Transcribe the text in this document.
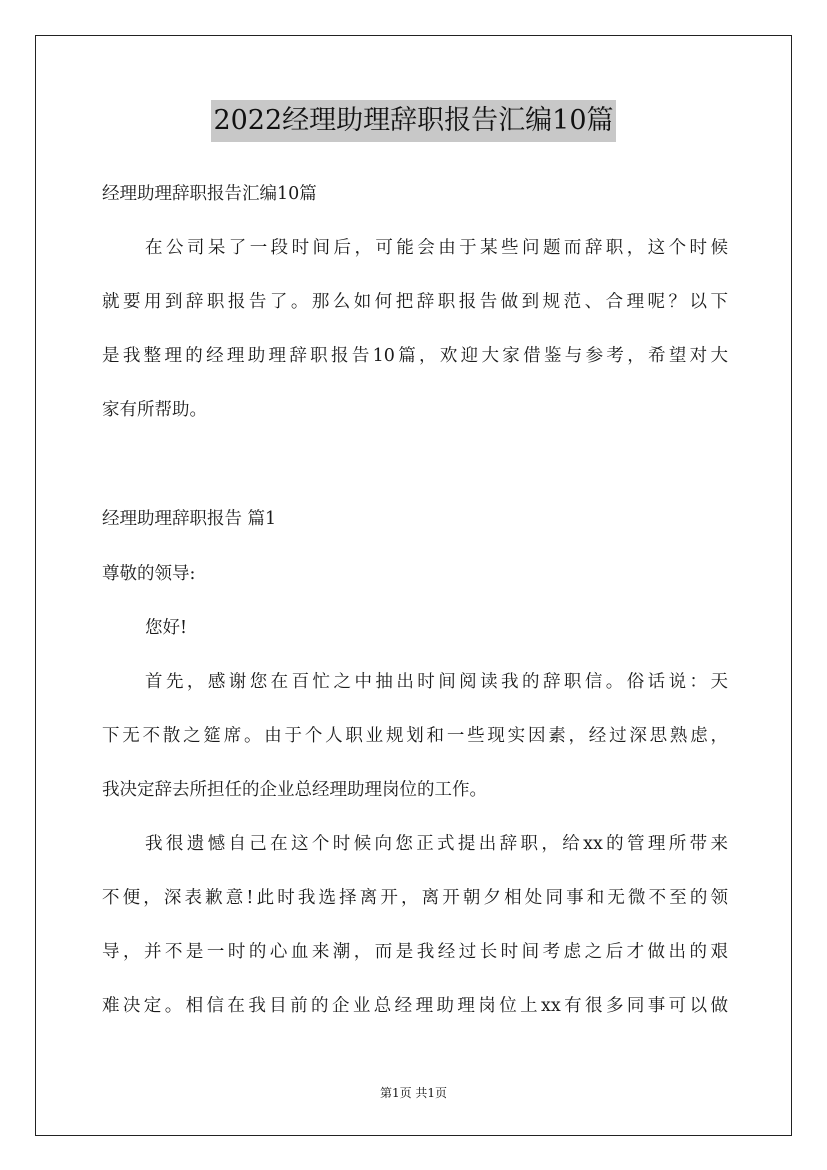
2022经理助理辞职报告汇编10篇
经理助理辞职报告汇编10篇
在公司呆了一段时间后，可能会由于某些问题而辞职，这个时候
就要用到辞职报告了。那么如何把辞职报告做到规范、合理呢？以下
是我整理的经理助理辞职报告10篇，欢迎大家借鉴与参考，希望对大
家有所帮助。
经理助理辞职报告 篇1
尊敬的领导:
您好!
首先，感谢您在百忙之中抽出时间阅读我的辞职信。俗话说：天
下无不散之筵席。由于个人职业规划和一些现实因素，经过深思熟虑，
我决定辞去所担任的企业总经理助理岗位的工作。
我很遗憾自己在这个时候向您正式提出辞职，给xx的管理所带来
不便，深表歉意!此时我选择离开，离开朝夕相处同事和无微不至的领
导，并不是一时的心血来潮，而是我经过长时间考虑之后才做出的艰
难决定。相信在我目前的企业总经理助理岗位上xx有很多同事可以做
第1页 共1页
